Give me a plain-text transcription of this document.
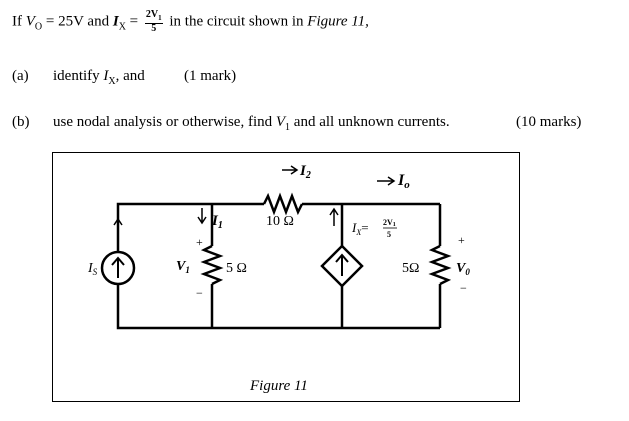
If $V_O = 25V$ and $I_X = \frac{2V_1}{5}$ in the circuit shown in Figure 11,
(a) identify $I_X$, and	(1 mark)
(b) use nodal analysis or otherwise, find $V_1$ and all unknown currents.	(10 marks)
$I_S$
$I_1$
$I_2$	Io
10 Ω
+
$V_1$
−
5 Ω
$I_X= 2V1$
5
5Ω
+
$V_0$
−
Figure 11
